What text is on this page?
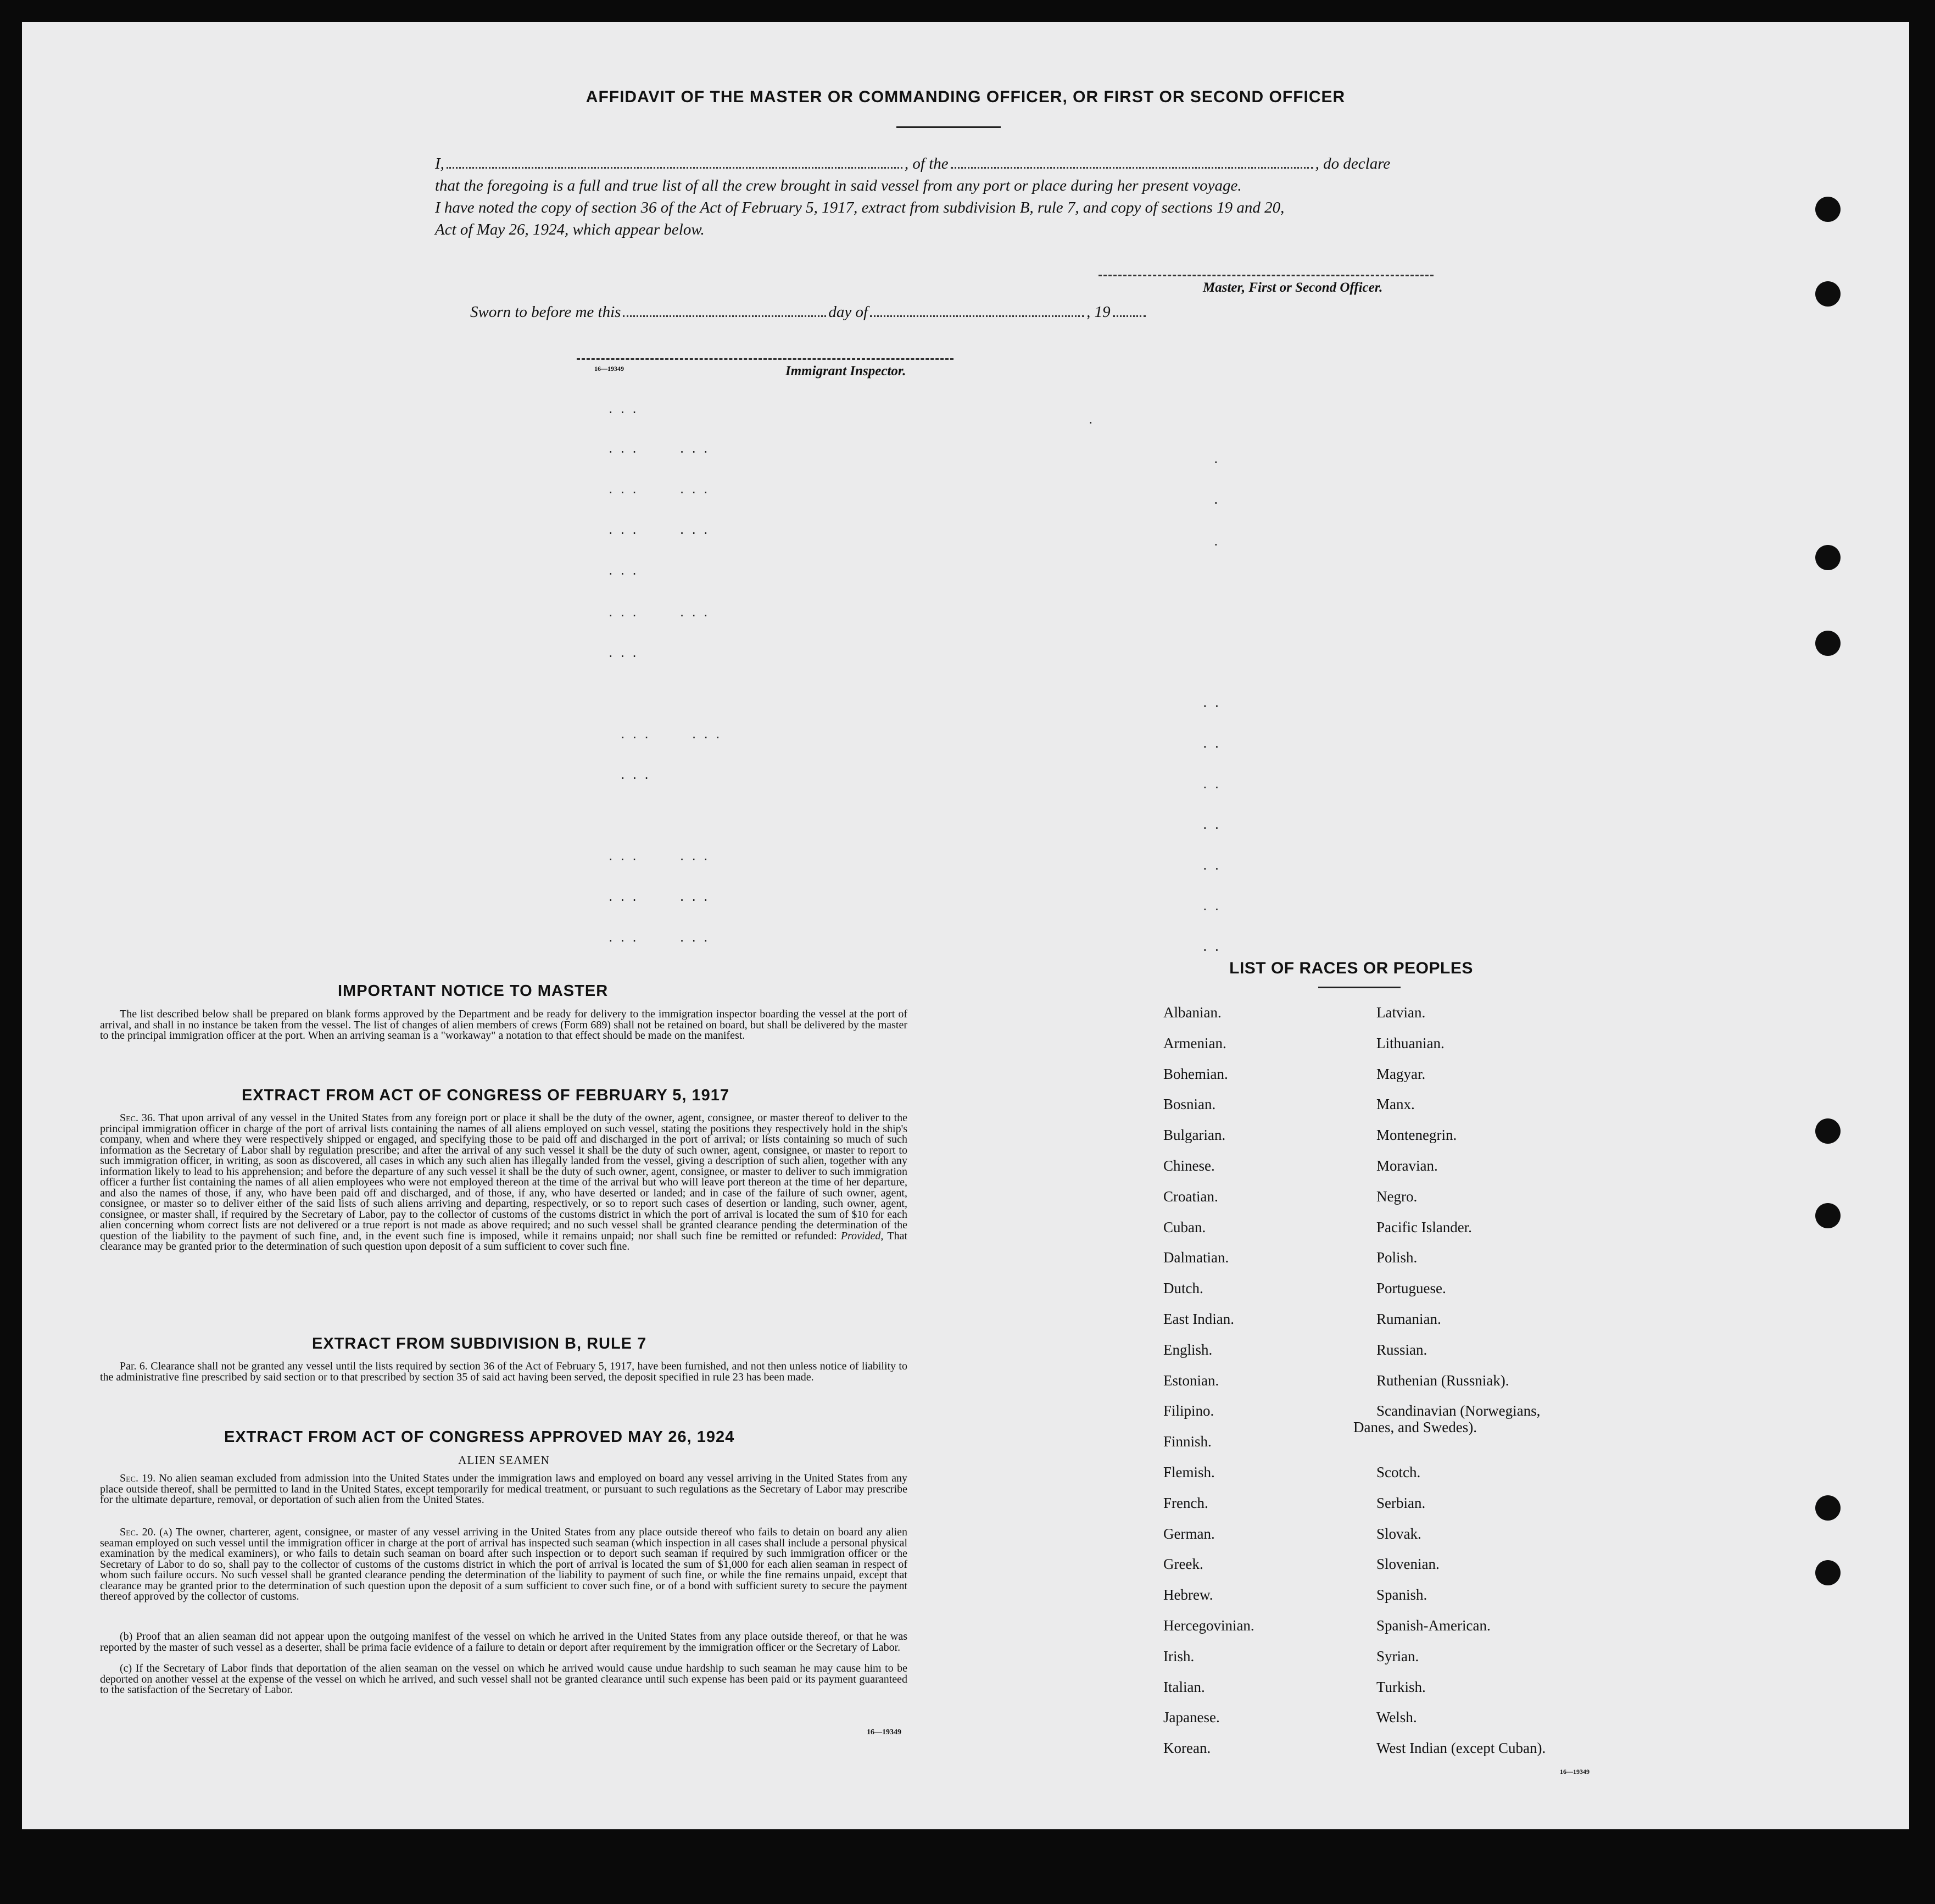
AFFIDAVIT OF THE MASTER OR COMMANDING OFFICER, OR FIRST OR SECOND OFFICER
I,	, of the	, do declare
that the foregoing is a full and true list of all the crew brought in said vessel from any port or place during her present voyage.
I have noted the copy of section 36 of the Act of February 5, 1917, extract from subdivision B, rule 7, and copy of sections 19 and 20,
Act of May 26, 1924, which appear below.
Master, First or Second Officer.
Sworn to before me this	day of	, 19
16—19349	Immigrant Inspector.
...
...   ...
...   ...
...   ...
...
...   ...
...
...   ...
...
...   ...
...   ...
...   ...
·
·
·
·
··
··
··
··
··
··
··
IMPORTANT NOTICE TO MASTER
The list described below shall be prepared on blank forms approved by the Department and be ready for delivery to the immigration inspector boarding the vessel at the port of arrival, and shall in no instance be taken from the vessel. The list of changes of alien members of crews (Form 689) shall not be retained on board, but shall be delivered by the master to the principal immigration officer at the port. When an arriving seaman is a "workaway" a notation to that effect should be made on the manifest.
EXTRACT FROM ACT OF CONGRESS OF FEBRUARY 5, 1917
Sec. 36. That upon arrival of any vessel in the United States from any foreign port or place it shall be the duty of the owner, agent, consignee, or master thereof to deliver to the principal immigration officer in charge of the port of arrival lists containing the names of all aliens employed on such vessel, stating the positions they respectively hold in the ship's company, when and where they were respectively shipped or engaged, and specifying those to be paid off and discharged in the port of arrival; or lists containing so much of such information as the Secretary of Labor shall by regulation prescribe; and after the arrival of any such vessel it shall be the duty of such owner, agent, consignee, or master to report to such immigration officer, in writing, as soon as discovered, all cases in which any such alien has illegally landed from the vessel, giving a description of such alien, together with any information likely to lead to his apprehension; and before the departure of any such vessel it shall be the duty of such owner, agent, consignee, or master to deliver to such immigration officer a further list containing the names of all alien employees who were not employed thereon at the time of the arrival but who will leave port thereon at the time of her departure, and also the names of those, if any, who have been paid off and discharged, and of those, if any, who have deserted or landed; and in case of the failure of such owner, agent, consignee, or master so to deliver either of the said lists of such aliens arriving and departing, respectively, or so to report such cases of desertion or landing, such owner, agent, consignee, or master shall, if required by the Secretary of Labor, pay to the collector of customs of the customs district in which the port of arrival is located the sum of $10 for each alien concerning whom correct lists are not delivered or a true report is not made as above required; and no such vessel shall be granted clearance pending the determination of the question of the liability to the payment of such fine, and, in the event such fine is imposed, while it remains unpaid; nor shall such fine be remitted or refunded: Provided, That clearance may be granted prior to the determination of such question upon deposit of a sum sufficient to cover such fine.
EXTRACT FROM SUBDIVISION B, RULE 7
Par. 6. Clearance shall not be granted any vessel until the lists required by section 36 of the Act of February 5, 1917, have been furnished, and not then unless notice of liability to the administrative fine prescribed by said section or to that prescribed by section 35 of said act having been served, the deposit specified in rule 23 has been made.
EXTRACT FROM ACT OF CONGRESS APPROVED MAY 26, 1924
ALIEN SEAMEN
Sec. 19. No alien seaman excluded from admission into the United States under the immigration laws and employed on board any vessel arriving in the United States from any place outside thereof, shall be permitted to land in the United States, except temporarily for medical treatment, or pursuant to such regulations as the Secretary of Labor may prescribe for the ultimate departure, removal, or deportation of such alien from the United States.
Sec. 20. (a) The owner, charterer, agent, consignee, or master of any vessel arriving in the United States from any place outside thereof who fails to detain on board any alien seaman employed on such vessel until the immigration officer in charge at the port of arrival has inspected such seaman (which inspection in all cases shall include a personal physical examination by the medical examiners), or who fails to detain such seaman on board after such inspection or to deport such seaman if required by such immigration officer or the Secretary of Labor to do so, shall pay to the collector of customs of the customs district in which the port of arrival is located the sum of $1,000 for each alien seaman in respect of whom such failure occurs. No such vessel shall be granted clearance pending the determination of the liability to payment of such fine, or while the fine remains unpaid, except that clearance may be granted prior to the determination of such question upon the deposit of a sum sufficient to cover such fine, or of a bond with sufficient surety to secure the payment thereof approved by the collector of customs.
(b) Proof that an alien seaman did not appear upon the outgoing manifest of the vessel on which he arrived in the United States from any place outside thereof, or that he was reported by the master of such vessel as a deserter, shall be prima facie evidence of a failure to detain or deport after requirement by the immigration officer or the Secretary of Labor.
(c) If the Secretary of Labor finds that deportation of the alien seaman on the vessel on which he arrived would cause undue hardship to such seaman he may cause him to be deported on another vessel at the expense of the vessel on which he arrived, and such vessel shall not be granted clearance until such expense has been paid or its payment guaranteed to the satisfaction of the Secretary of Labor.
16—19349
LIST OF RACES OR PEOPLES
Albanian.
Armenian.
Bohemian.
Bosnian.
Bulgarian.
Chinese.
Croatian.
Cuban.
Dalmatian.
Dutch.
East Indian.
English.
Estonian.
Filipino.
Finnish.
Flemish.
French.
German.
Greek.
Hebrew.
Hercegovinian.
Irish.
Italian.
Japanese.
Korean.
Latvian.
Lithuanian.
Magyar.
Manx.
Montenegrin.
Moravian.
Negro.
Pacific Islander.
Polish.
Portuguese.
Rumanian.
Russian.
Ruthenian (Russniak).
Scandinavian (Norwegians,
Danes, and Swedes).
Scotch.
Serbian.
Slovak.
Slovenian.
Spanish.
Spanish-American.
Syrian.
Turkish.
Welsh.
West Indian (except Cuban).
16—19349
